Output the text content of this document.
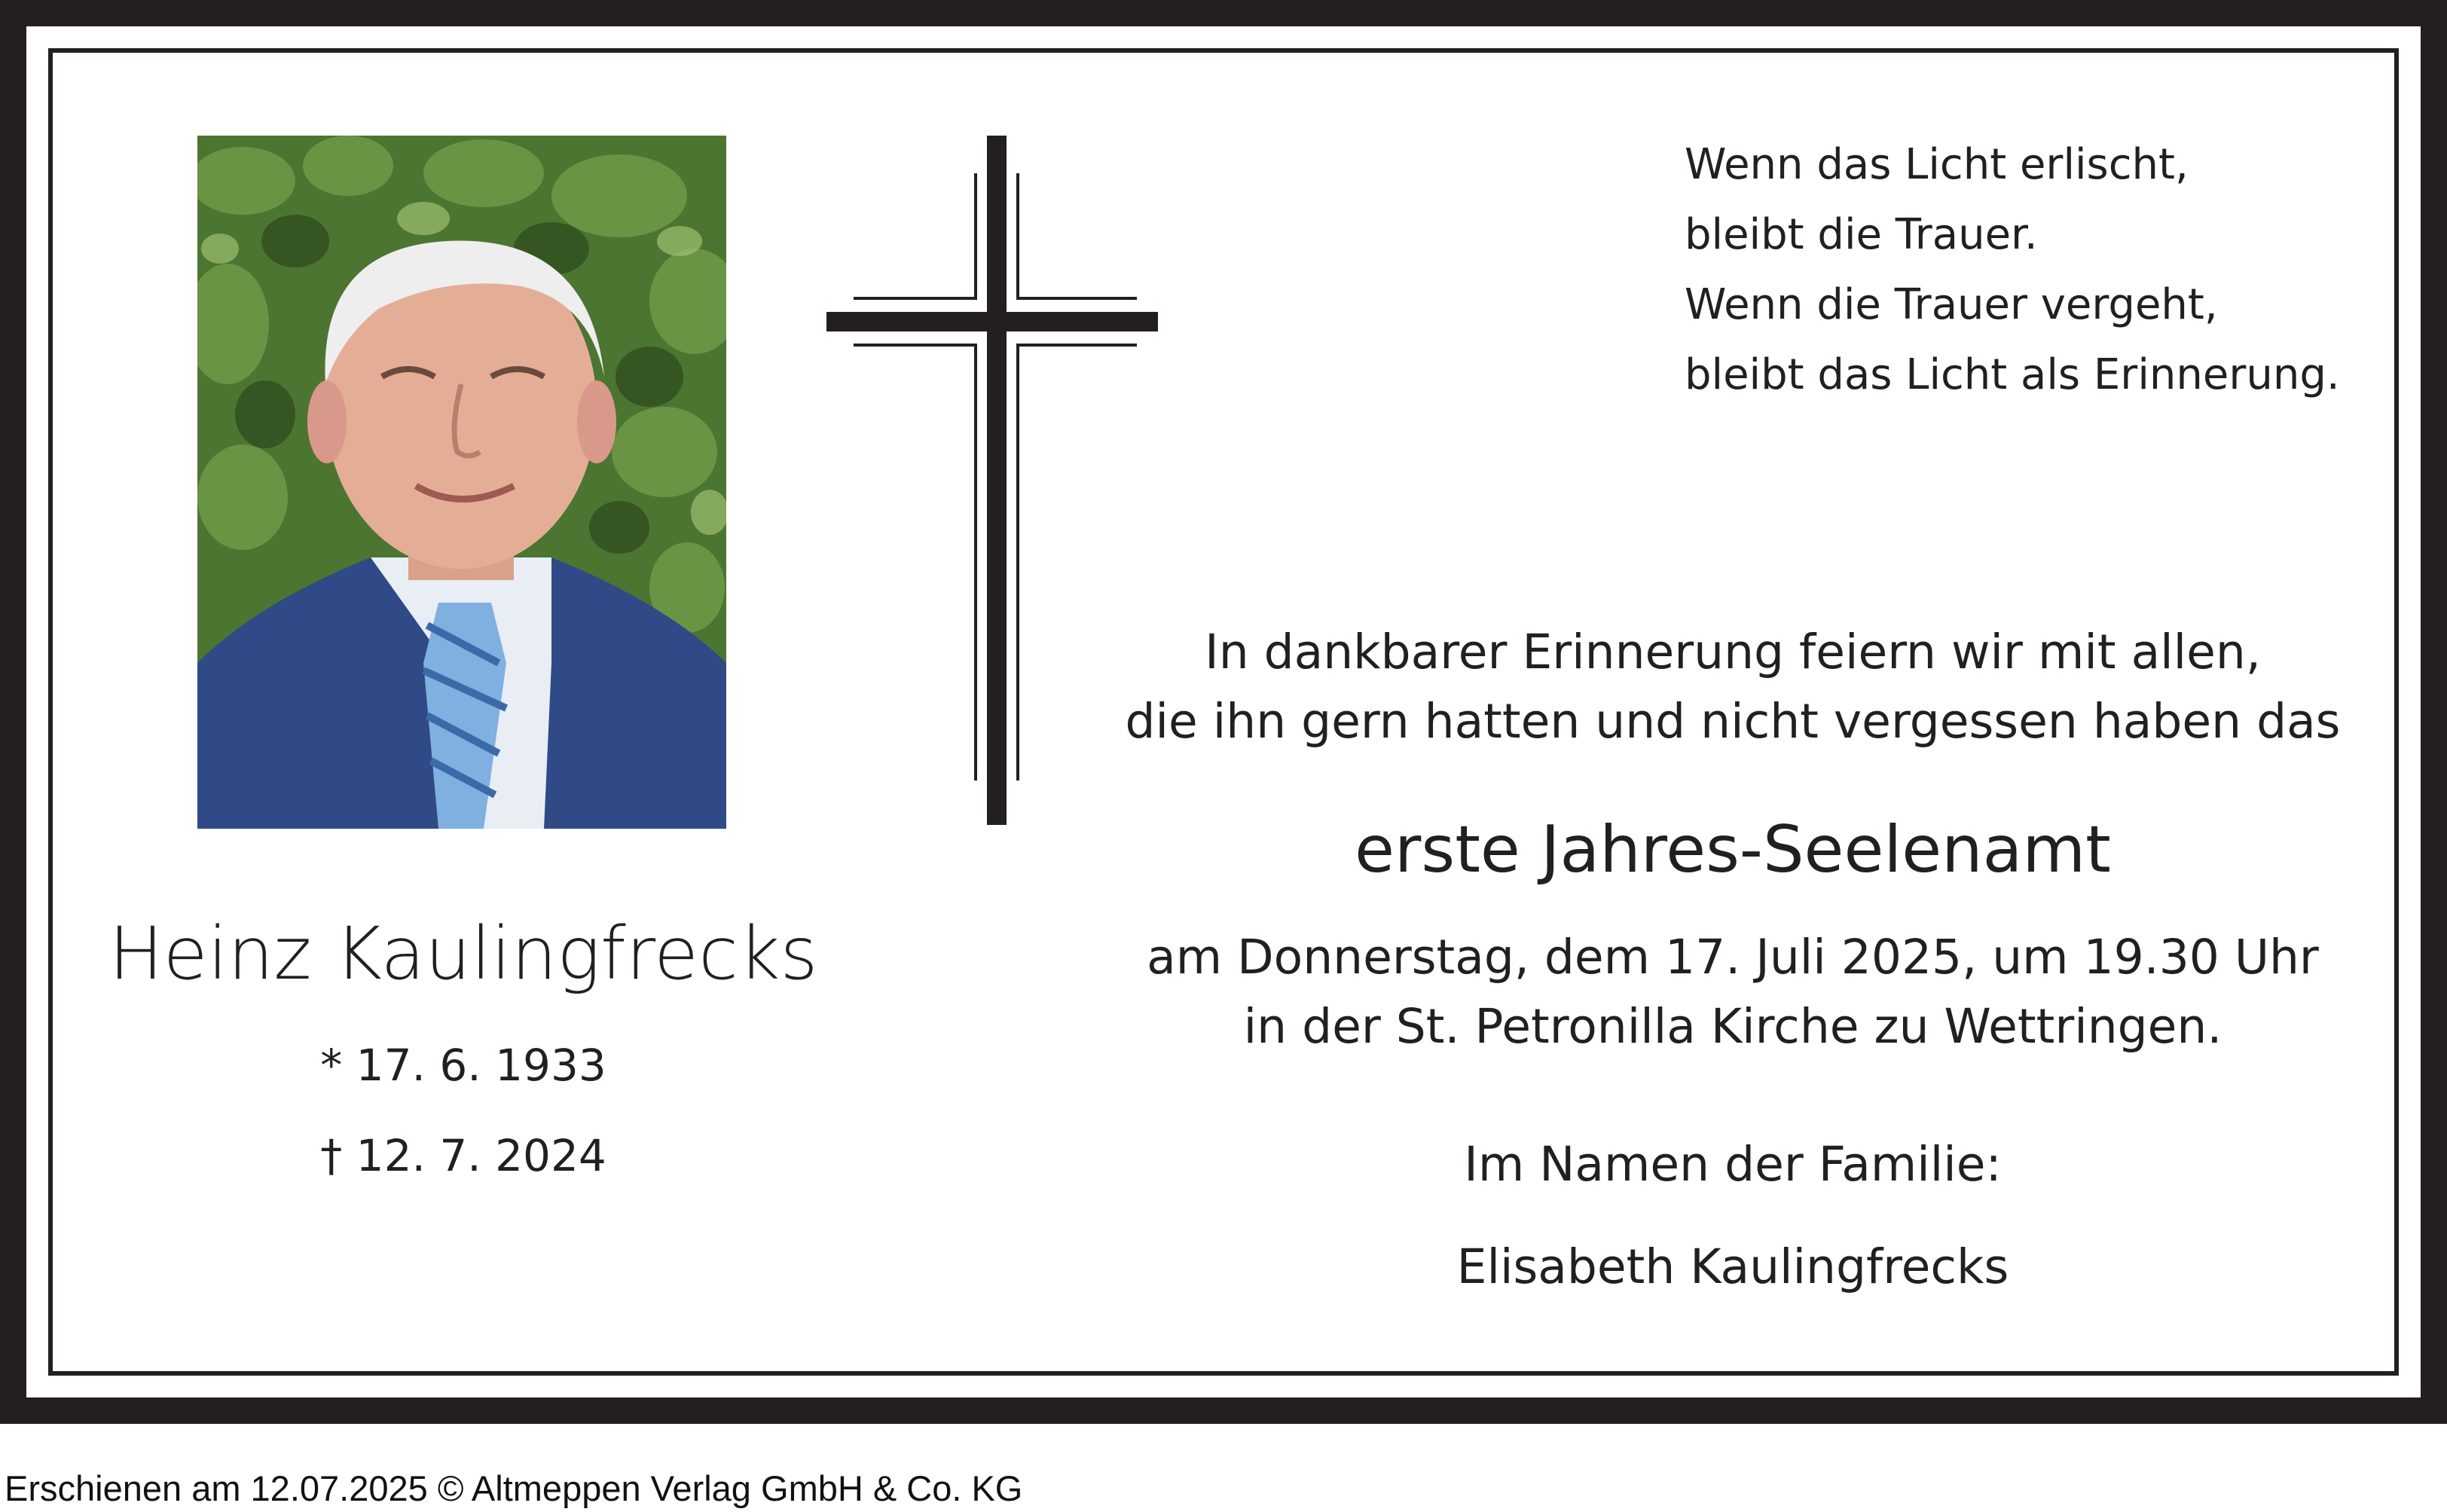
Heinz Kaulingfrecks
* 17. 6. 1933
† 12. 7. 2024
Wenn das Licht erlischt,
bleibt die Trauer.
Wenn die Trauer vergeht,
bleibt das Licht als Erinnerung.
In dankbarer Erinnerung feiern wir mit allen,
die ihn gern hatten und nicht vergessen haben das
erste Jahres-Seelenamt
am Donnerstag, dem 17. Juli 2025, um 19.30 Uhr
in der St. Petronilla Kirche zu Wettringen.
Im Namen der Familie:
Elisabeth Kaulingfrecks
Erschienen am 12.07.2025 © Altmeppen Verlag GmbH & Co. KG
